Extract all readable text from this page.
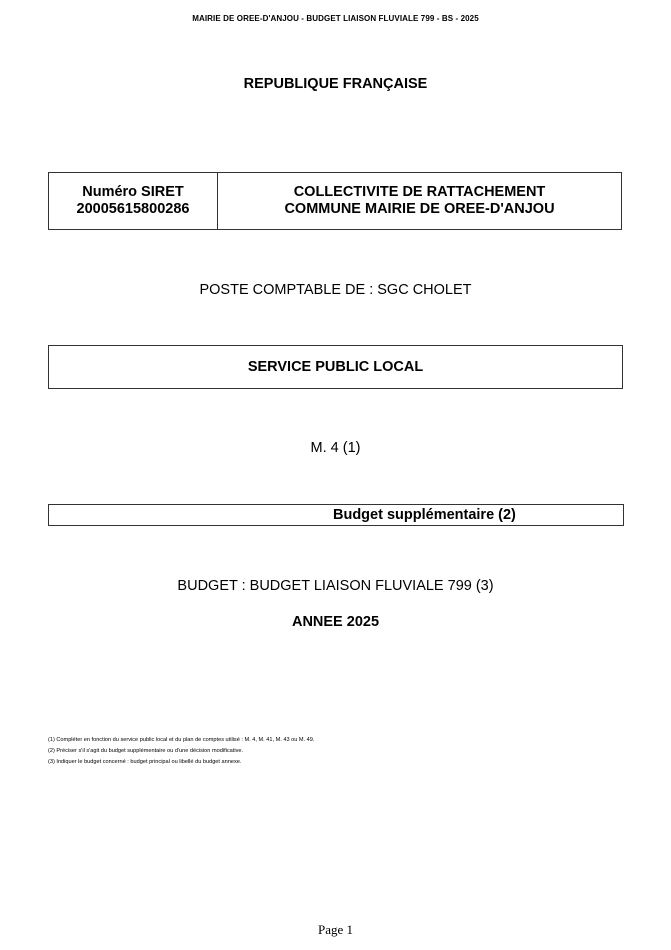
MAIRIE DE OREE-D'ANJOU - BUDGET LIAISON FLUVIALE 799 - BS - 2025
REPUBLIQUE FRANÇAISE
Numéro SIRET
20005615800286
COLLECTIVITE DE RATTACHEMENT
COMMUNE MAIRIE DE OREE-D'ANJOU
POSTE COMPTABLE DE : SGC CHOLET
SERVICE PUBLIC LOCAL
M. 4 (1)
Budget supplémentaire (2)
BUDGET : BUDGET LIAISON FLUVIALE 799 (3)
ANNEE 2025
(1) Compléter en fonction du service public local et du plan de comptes utilisé : M. 4, M. 41, M. 43 ou M. 49.
(2) Préciser s'il s'agit du budget supplémentaire ou d'une décision modificative.
(3) Indiquer le budget concerné : budget principal ou libellé du budget annexe.
Page 1
